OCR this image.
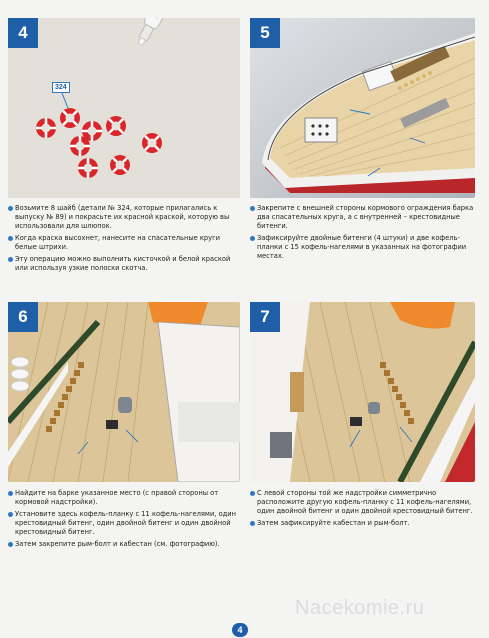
4
324

Возьмите 8 шайб (детали № 324, которые прилагались к выпуску № 89) и покрасьте их красной краской, которую вы использовали для шлюпок.

Когда краска высохнет, нанесите на спасательные круги белые штрихи.

Эту операцию можно выполнить кисточкой и белой краской или используя узкие полоски скотча.

5

Закрепите с внешней стороны кормового ограждения барка два спасательных круга, а с внутренней – крестовидные битенги.

Зафиксируйте двойные битенги (4 штуки) и две кофель-планки с 15 кофель-нагелями в указанных на фотографии местах.

6

Найдите на барке указанное место (с правой стороны от кормовой надстройки).

Установите здесь кофель-планку с 11 кофель-нагелями, один крестовидный битенг, один двойной битенг и один двойной крестовидный битенг.

Затем закрепите рым-болт и кабестан (см. фотографию).

7

С левой стороны той же надстройки симметрично расположите другую кофель-планку с 11 кофель-нагелями, один двойной битенг и один двойной крестовидный битенг.

Затем зафиксируйте кабестан и рым-болт.

Nacekomie.ru
4
